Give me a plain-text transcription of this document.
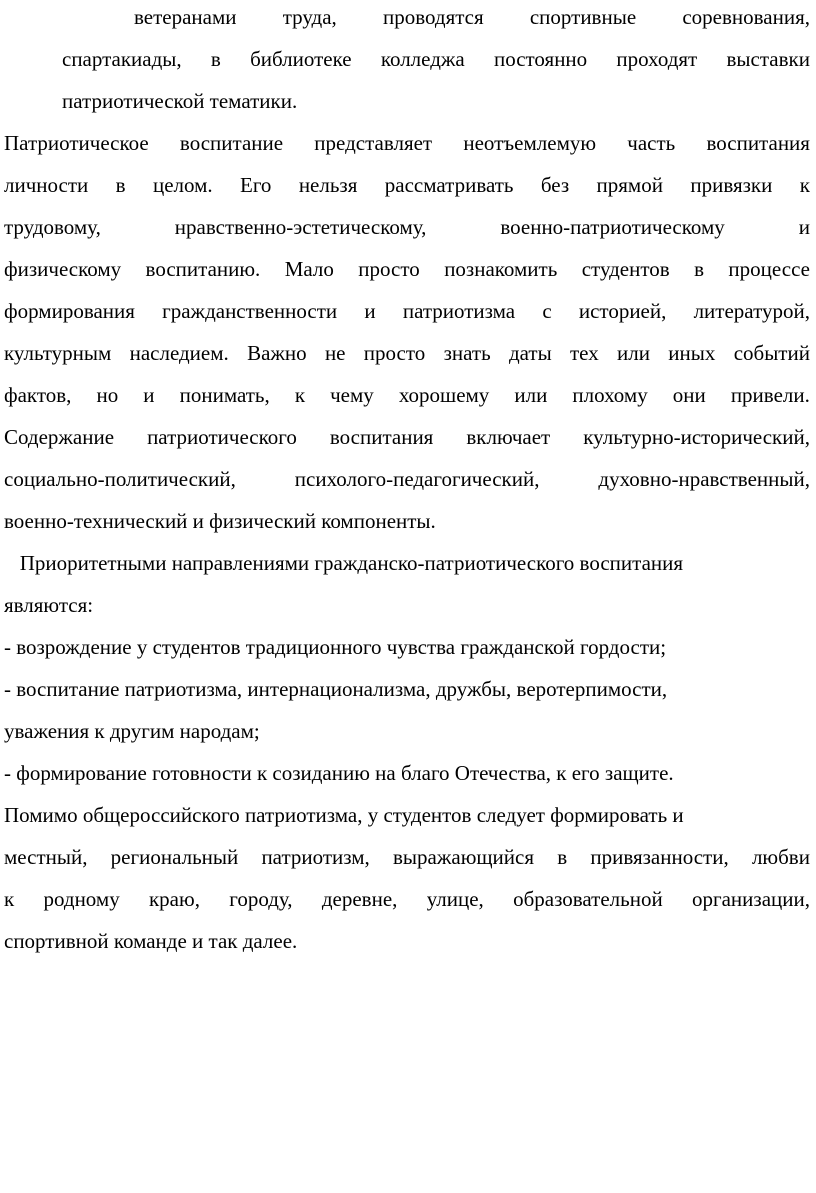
ветеранами труда, проводятся спортивные соревнования,
спартакиады, в библиотеке колледжа постоянно проходят выставки
патриотической тематики.
Патриотическое воспитание представляет неотъемлемую часть воспитания
личности в целом. Его нельзя рассматривать без прямой привязки к
трудовому,	нравственно-эстетическому,	военно-патриотическому	и
физическому воспитанию. Мало просто познакомить студентов в процессе
формирования гражданственности и патриотизма с историей, литературой,
культурным наследием. Важно не просто знать даты тех или иных событий
фактов, но и понимать, к чему хорошему или плохому они привели.
Содержание патриотического воспитания включает культурно-исторический,
социально-политический,	психолого-педагогический,	духовно-нравственный,
военно-технический и физический компоненты.
Приоритетными направлениями гражданско-патриотического воспитания
являются:
- возрождение у студентов традиционного чувства гражданской гордости;
- воспитание патриотизма, интернационализма, дружбы, веротерпимости,
уважения к другим народам;
- формирование готовности к созиданию на благо Отечества, к его защите.
Помимо общероссийского патриотизма, у студентов следует формировать и
местный, региональный патриотизм, выражающийся в привязанности, любви
к родному краю, городу, деревне, улице, образовательной организации,
спортивной команде и так далее.
